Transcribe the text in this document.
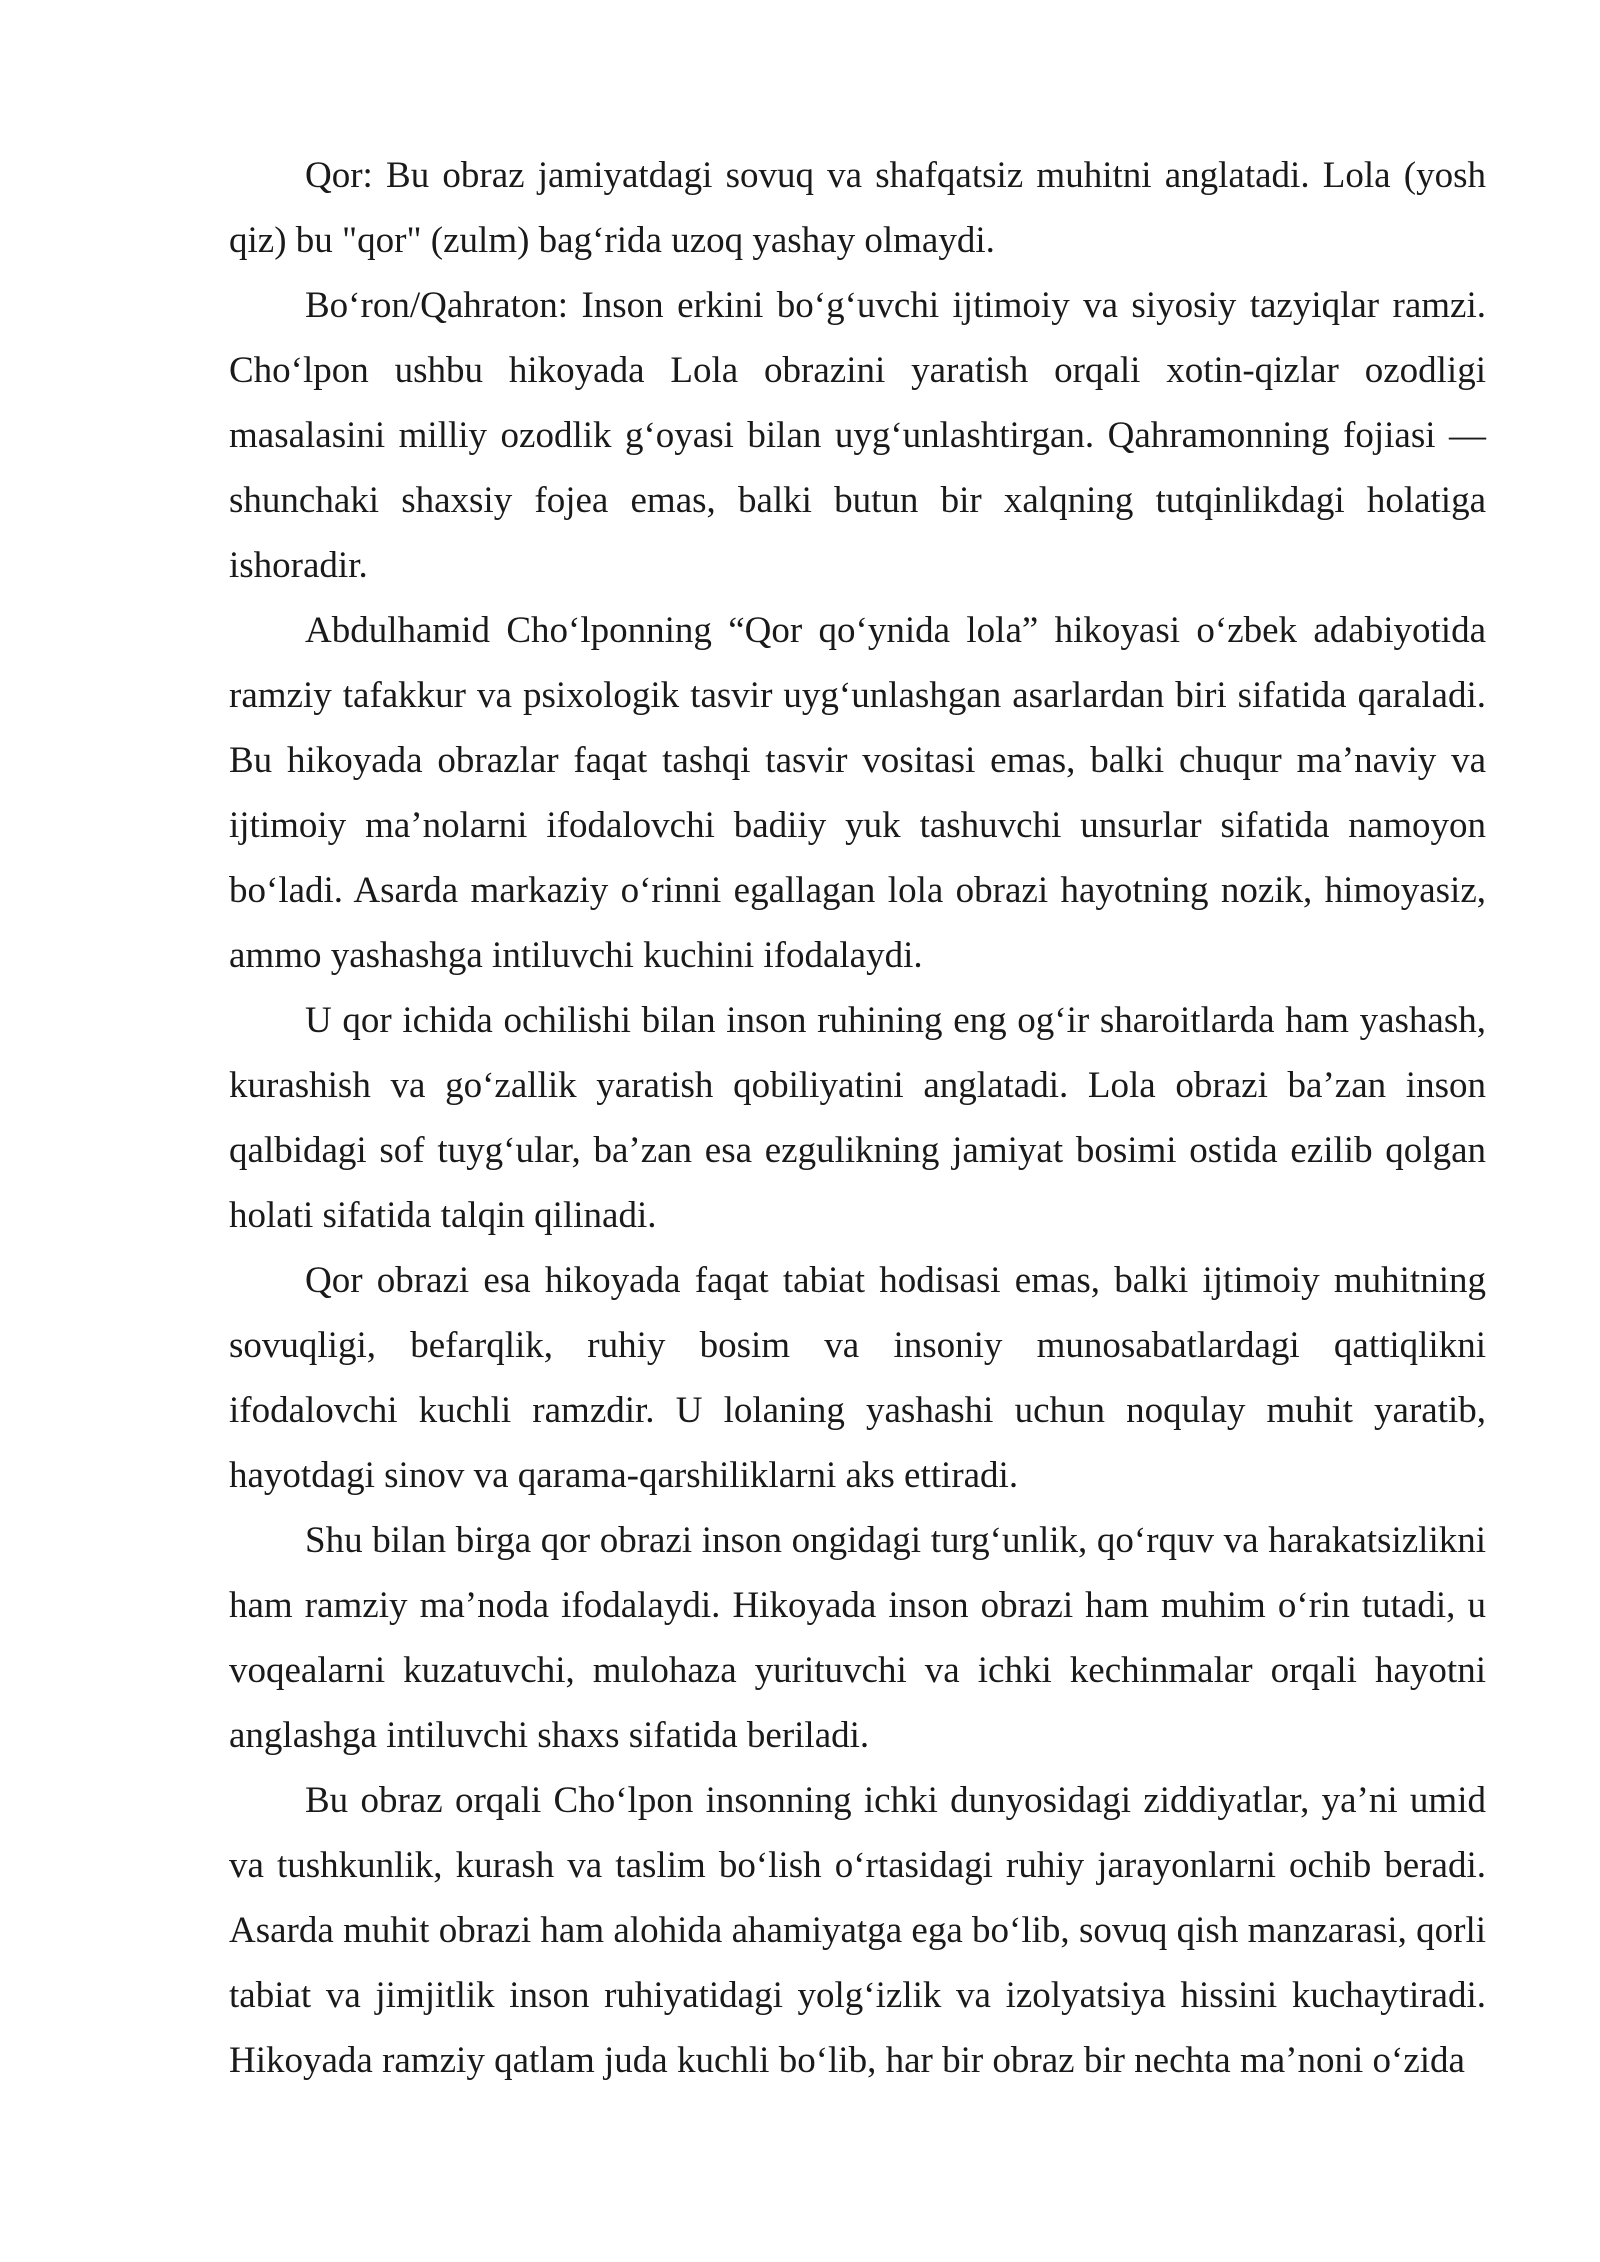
Qor: Bu obraz jamiyatdagi sovuq va shafqatsiz muhitni anglatadi. Lola (yosh qiz) bu "qor" (zulm) bag‘rida uzoq yashay olmaydi.

Bo‘ron/Qahraton: Inson erkini bo‘g‘uvchi ijtimoiy va siyosiy tazyiqlar ramzi. Cho‘lpon ushbu hikoyada Lola obrazini yaratish orqali xotin-qizlar ozodligi masalasini milliy ozodlik g‘oyasi bilan uyg‘unlashtirgan. Qahramonning fojiasi — shunchaki shaxsiy fojea emas, balki butun bir xalqning tutqinlikdagi holatiga ishoradir.

Abdulhamid Cho‘lponning “Qor qo‘ynida lola” hikoyasi o‘zbek adabiyotida ramziy tafakkur va psixologik tasvir uyg‘unlashgan asarlardan biri sifatida qaraladi. Bu hikoyada obrazlar faqat tashqi tasvir vositasi emas, balki chuqur ma’naviy va ijtimoiy ma’nolarni ifodalovchi badiiy yuk tashuvchi unsurlar sifatida namoyon bo‘ladi. Asarda markaziy o‘rinni egallagan lola obrazi hayotning nozik, himoyasiz, ammo yashashga intiluvchi kuchini ifodalaydi.

U qor ichida ochilishi bilan inson ruhining eng og‘ir sharoitlarda ham yashash, kurashish va go‘zallik yaratish qobiliyatini anglatadi. Lola obrazi ba’zan inson qalbidagi sof tuyg‘ular, ba’zan esa ezgulikning jamiyat bosimi ostida ezilib qolgan holati sifatida talqin qilinadi.

Qor obrazi esa hikoyada faqat tabiat hodisasi emas, balki ijtimoiy muhitning sovuqligi, befarqlik, ruhiy bosim va insoniy munosabatlardagi qattiqlikni ifodalovchi kuchli ramzdir. U lolaning yashashi uchun noqulay muhit yaratib, hayotdagi sinov va qarama-qarshiliklarni aks ettiradi.

Shu bilan birga qor obrazi inson ongidagi turg‘unlik, qo‘rquv va harakatsizlikni ham ramziy ma’noda ifodalaydi. Hikoyada inson obrazi ham muhim o‘rin tutadi, u voqealarni kuzatuvchi, mulohaza yurituvchi va ichki kechinmalar orqali hayotni anglashga intiluvchi shaxs sifatida beriladi.

Bu obraz orqali Cho‘lpon insonning ichki dunyosidagi ziddiyatlar, ya’ni umid va tushkunlik, kurash va taslim bo‘lish o‘rtasidagi ruhiy jarayonlarni ochib beradi. Asarda muhit obrazi ham alohida ahamiyatga ega bo‘lib, sovuq qish manzarasi, qorli tabiat va jimjitlik inson ruhiyatidagi yolg‘izlik va izolyatsiya hissini kuchaytiradi. Hikoyada ramziy qatlam juda kuchli bo‘lib, har bir obraz bir nechta ma’noni o‘zida
